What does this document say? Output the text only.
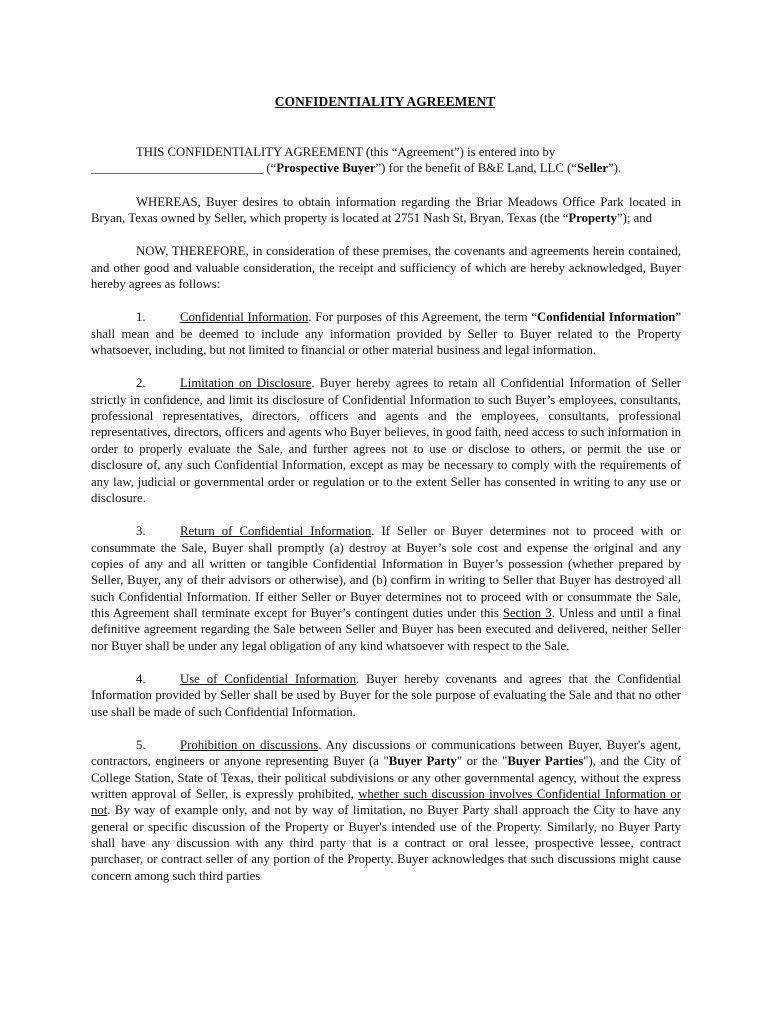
CONFIDENTIALITY AGREEMENT

THIS CONFIDENTIALITY AGREEMENT (this “Agreement”) is entered into by
___________________________ (“Prospective Buyer”) for the benefit of B&E Land, LLC (“Seller”).

WHEREAS, Buyer desires to obtain information regarding the Briar Meadows Office Park located in Bryan, Texas owned by Seller, which property is located at 2751 Nash St, Bryan, Texas (the “Property”); and

NOW, THEREFORE, in consideration of these premises, the covenants and agreements herein contained, and other good and valuable consideration, the receipt and sufficiency of which are hereby acknowledged, Buyer hereby agrees as follows:

1.	Confidential Information. For purposes of this Agreement, the term “Confidential Information” shall mean and be deemed to include any information provided by Seller to Buyer related to the Property whatsoever, including, but not limited to financial or other material business and legal information.

2.	Limitation on Disclosure. Buyer hereby agrees to retain all Confidential Information of Seller strictly in confidence, and limit its disclosure of Confidential Information to such Buyer’s employees, consultants, professional representatives, directors, officers and agents and the employees, consultants, professional representatives, directors, officers and agents who Buyer believes, in good faith, need access to such information in order to properly evaluate the Sale, and further agrees not to use or disclose to others, or permit the use or disclosure of, any such Confidential Information, except as may be necessary to comply with the requirements of any law, judicial or governmental order or regulation or to the extent Seller has consented in writing to any use or disclosure.

3.	Return of Confidential Information. If Seller or Buyer determines not to proceed with or consummate the Sale, Buyer shall promptly (a) destroy at Buyer’s sole cost and expense the original and any copies of any and all written or tangible Confidential Information in Buyer’s possession (whether prepared by Seller, Buyer, any of their advisors or otherwise), and (b) confirm in writing to Seller that Buyer has destroyed all such Confidential Information. If either Seller or Buyer determines not to proceed with or consummate the Sale, this Agreement shall terminate except for Buyer’s contingent duties under this Section 3. Unless and until a final definitive agreement regarding the Sale between Seller and Buyer has been executed and delivered, neither Seller nor Buyer shall be under any legal obligation of any kind whatsoever with respect to the Sale.

4.	Use of Confidential Information. Buyer hereby covenants and agrees that the Confidential Information provided by Seller shall be used by Buyer for the sole purpose of evaluating the Sale and that no other use shall be made of such Confidential Information.

5.	Prohibition on discussions. Any discussions or communications between Buyer, Buyer's agent, contractors, engineers or anyone representing Buyer (a "Buyer Party" or the "Buyer Parties"), and the City of College Station, State of Texas, their political subdivisions or any other governmental agency, without the express written approval of Seller, is expressly prohibited, whether such discussion involves Confidential Information or not. By way of example only, and not by way of limitation, no Buyer Party shall approach the City to have any general or specific discussion of the Property or Buyer's intended use of the Property. Similarly, no Buyer Party shall have any discussion with any third party that is a contract or oral lessee, prospective lessee, contract purchaser, or contract seller of any portion of the Property. Buyer acknowledges that such discussions might cause concern among such third parties
